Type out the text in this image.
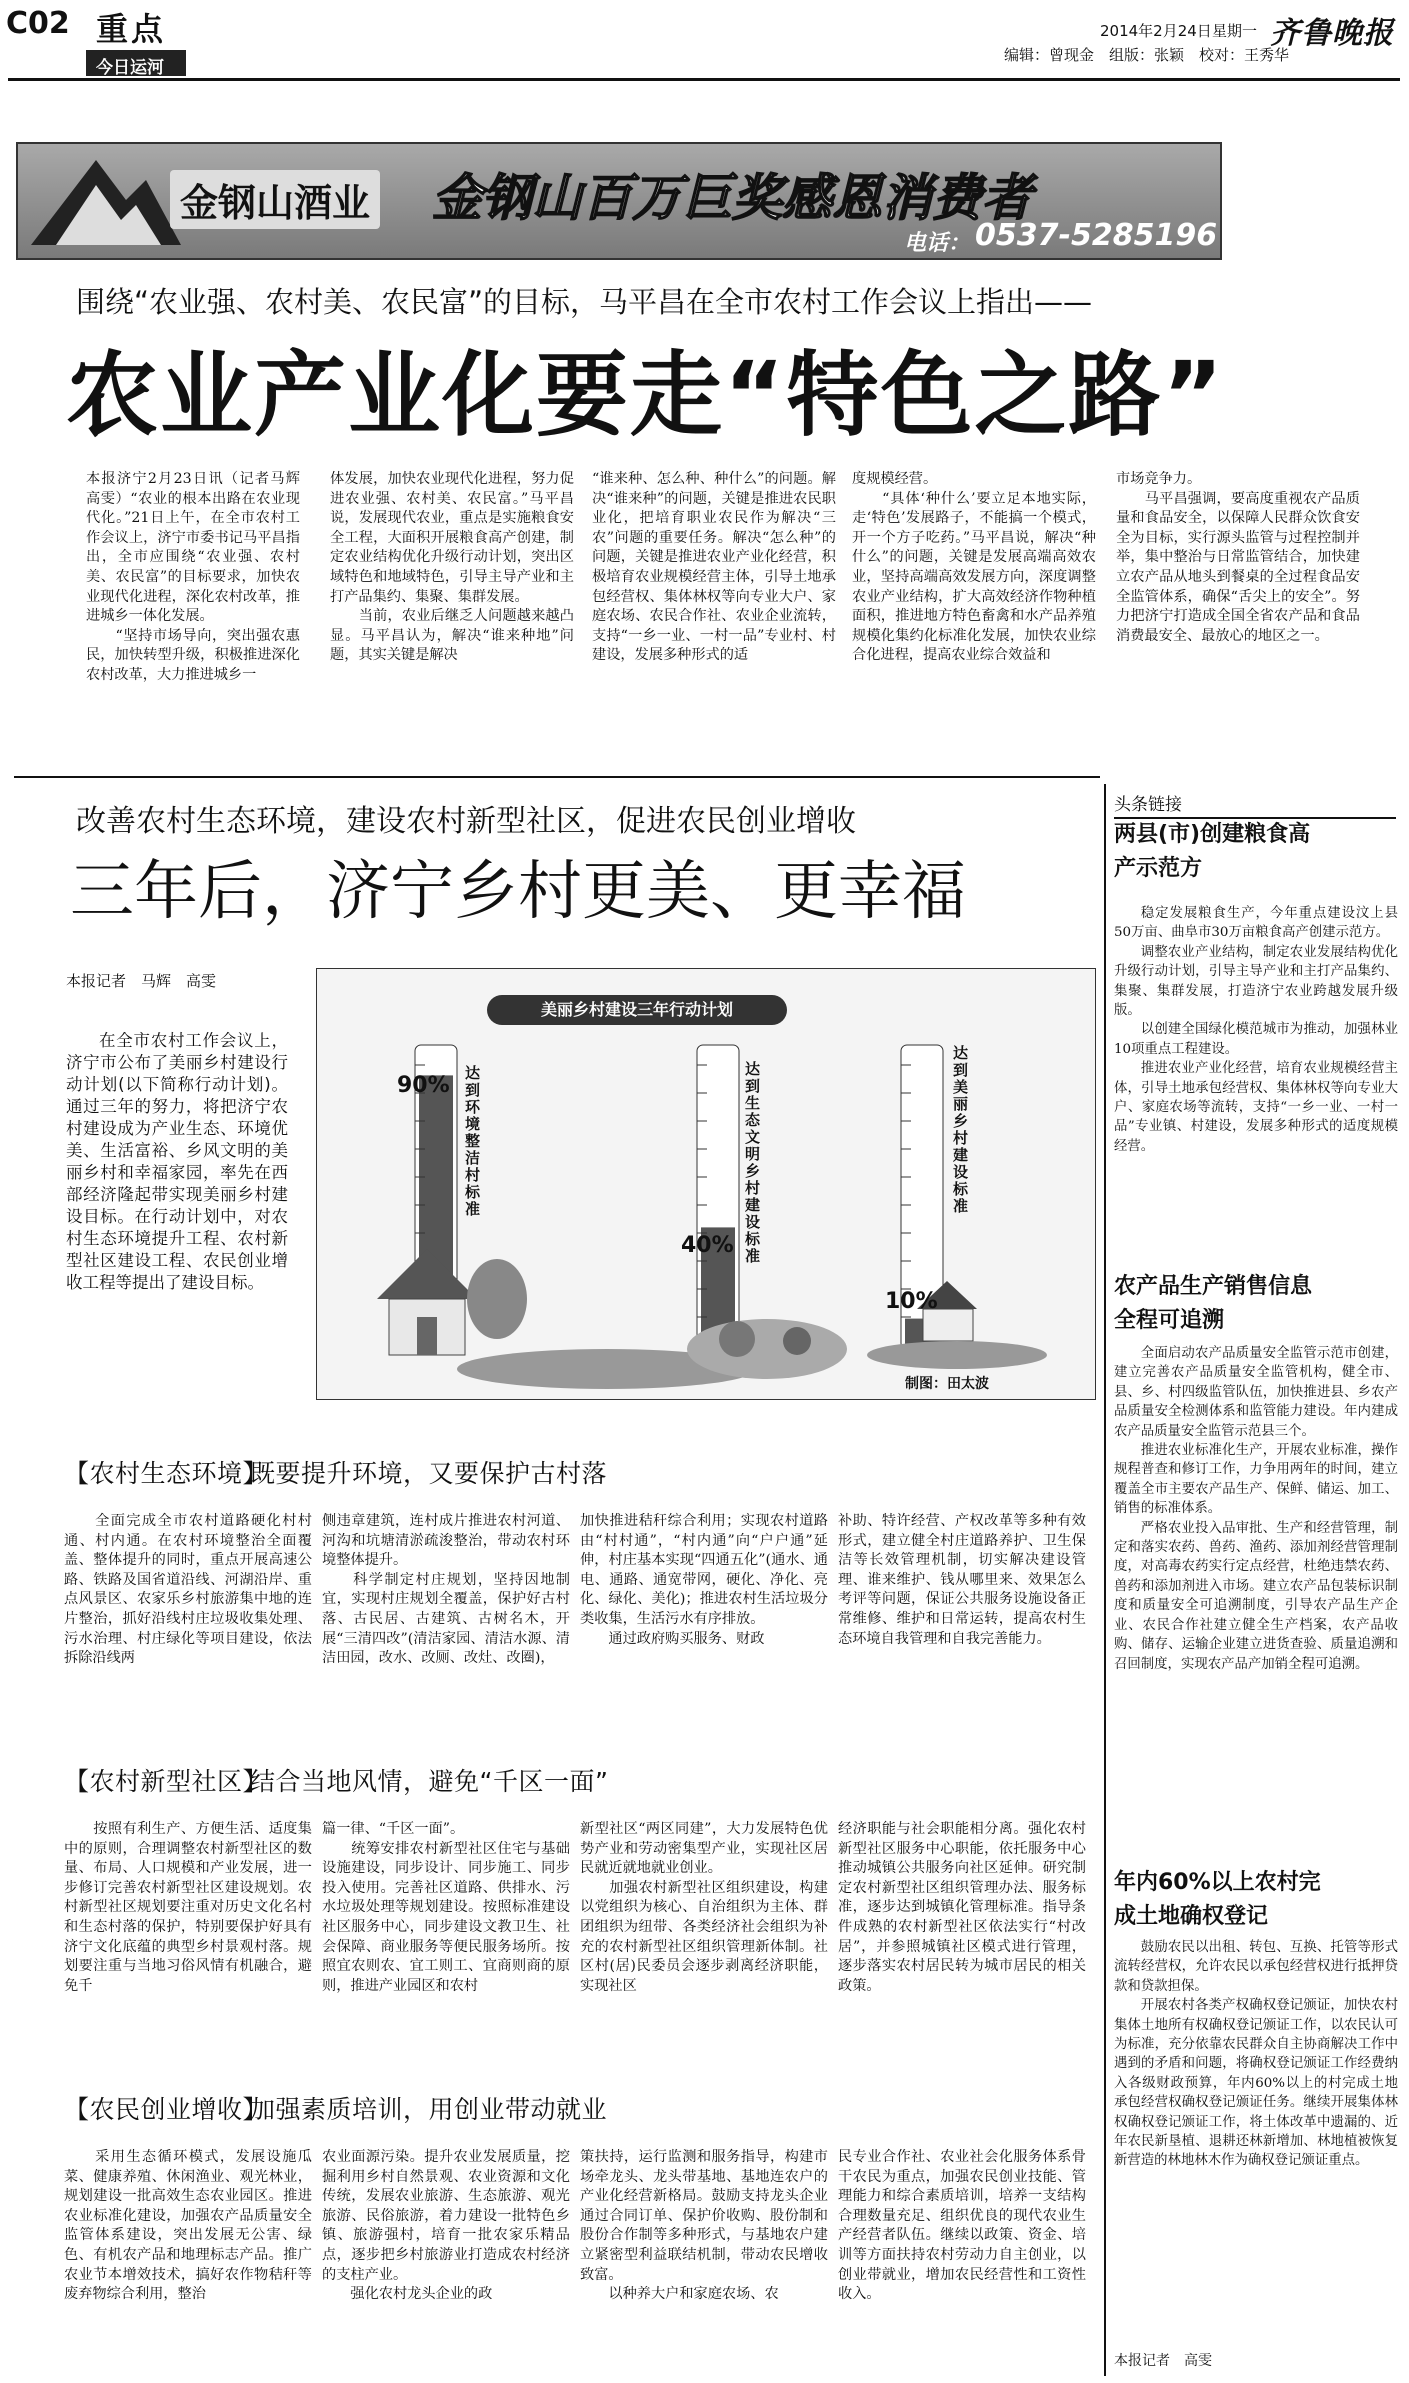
C02 重点
今日运河
2014年2月24日 星期一 齐鲁晚报
编辑：曾现金　组版：张颖　校对：王秀华
金钢山酒业 金钢山百万巨奖感恩消费者
电话： 0537-5285196
围绕“农业强、农村美、农民富”的目标，马平昌在全市农村工作会议上指出——
农业产业化要走“特色之路”
本报济宁2月23日讯（记者马辉　高雯）“农业的根本出路在农业现代化。”21日上午，在全市农村工作会议上，济宁市委书记马平昌指出，全市应围绕“农业强、农村美、农民富”的目标要求，加快农业现代化进程，深化农村改革，推进城乡一体化发展。
　　“坚持市场导向，突出强农惠民，加快转型升级，积极推进深化农村改革，大力推进城乡一
体发展，加快农业现代化进程，努力促进农业强、农村美、农民富。”马平昌说，发展现代农业，重点是实施粮食安全工程，大面积开展粮食高产创建，制定农业结构优化升级行动计划，突出区域特色和地域特色，引导主导产业和主打产品集约、集聚、集群发展。
　　当前，农业后继乏人问题越来越凸显。马平昌认为，解决“谁来种地”问题，其实关键是解决
“谁来种、怎么种、种什么”的问题。解决“谁来种”的问题，关键是推进农民职业化，把培育职业农民作为解决“三农”问题的重要任务。解决“怎么种”的问题，关键是推进农业产业化经营，积极培育农业规模经营主体，引导土地承包经营权、集体林权等向专业大户、家庭农场、农民合作社、农业企业流转，支持“一乡一业、一村一品”专业村、村建设，发展多种形式的适
度规模经营。
　　“具体‘种什么’要立足本地实际，走‘特色’发展路子，不能搞一个模式，开一个方子吃药。”马平昌说，解决“种什么”的问题，关键是发展高端高效农业，坚持高端高效发展方向，深度调整农业产业结构，扩大高效经济作物种植面积，推进地方特色畜禽和水产品养殖规模化集约化标准化发展，加快农业综合化进程，提高农业综合效益和
市场竞争力。
　　马平昌强调，要高度重视农产品质量和食品安全，以保障人民群众饮食安全为目标，实行源头监管与过程控制并举，集中整治与日常监管结合，加快建立农产品从地头到餐桌的全过程食品安全监管体系，确保“舌尖上的安全”。努力把济宁打造成全国全省农产品和食品消费最安全、最放心的地区之一。
改善农村生态环境，建设农村新型社区，促进农民创业增收
三年后，济宁乡村更美、更幸福
本报记者　马辉　高雯
在全市农村工作会议上，济宁市公布了美丽乡村建设行动计划(以下简称行动计划)。通过三年的努力，将把济宁农村建设成为产业生态、环境优美、生活富裕、乡风文明的美丽乡村和幸福家园，率先在西部经济隆起带实现美丽乡村建设目标。在行动计划中，对农村生态环境提升工程、农村新型社区建设工程、农民创业增收工程等提出了建设目标。
美丽乡村建设三年行动计划
90% 达到环境整洁村标准
40%
达到生态文明乡村建设标准
10%
达到美丽乡村建设标准
制图：田太波
【农村生态环境】
既要提升环境，又要保护古村落
　　全面完成全市农村道路硬化村村通、村内通。在农村环境整治全面覆盖、整体提升的同时，重点开展高速公路、铁路及国省道沿线、河湖沿岸、重点风景区、农家乐乡村旅游集中地的连片整治，抓好沿线村庄垃圾收集处理、污水治理、村庄绿化等项目建设，依法拆除沿线两
侧违章建筑，连村成片推进农村河道、河沟和坑塘清淤疏浚整治，带动农村环境整体提升。
　　科学制定村庄规划，坚持因地制宜，实现村庄规划全覆盖，保护好古村落、古民居、古建筑、古树名木，开展“三清四改”(清洁家园、清洁水源、清洁田园，改水、改厕、改灶、改圈)，
加快推进秸秆综合利用；实现农村道路由“村村通”，“村内通”向“户户通”延伸，村庄基本实现“四通五化”(通水、通电、通路、通宽带网，硬化、净化、亮化、绿化、美化)；推进农村生活垃圾分类收集，生活污水有序排放。
　　通过政府购买服务、财政
补助、特许经营、产权改革等多种有效形式，建立健全村庄道路养护、卫生保洁等长效管理机制，切实解决建设管理、谁来维护、钱从哪里来、效果怎么考评等问题，保证公共服务设施设备正常维修、维护和日常运转，提高农村生态环境自我管理和自我完善能力。
【农村新型社区】
结合当地风情，避免“千区一面”
　　按照有利生产、方便生活、适度集中的原则，合理调整农村新型社区的数量、布局、人口规模和产业发展，进一步修订完善农村新型社区建设规划。农村新型社区规划要注重对历史文化名村和生态村落的保护，特别要保护好具有济宁文化底蕴的典型乡村景观村落。规划要注重与当地习俗风情有机融合，避免千
篇一律、“千区一面”。
　　统筹安排农村新型社区住宅与基础设施建设，同步设计、同步施工、同步投入使用。完善社区道路、供排水、污水垃圾处理等规划建设。按照标准建设社区服务中心，同步建设文教卫生、社会保障、商业服务等便民服务场所。按照宜农则农、宜工则工、宜商则商的原则，推进产业园区和农村
新型社区“两区同建”，大力发展特色优势产业和劳动密集型产业，实现社区居民就近就地就业创业。
　　加强农村新型社区组织建设，构建以党组织为核心、自治组织为主体、群团组织为纽带、各类经济社会组织为补充的农村新型社区组织管理新体制。社区村(居)民委员会逐步剥离经济职能，实现社区
经济职能与社会职能相分离。强化农村新型社区服务中心职能，依托服务中心推动城镇公共服务向社区延伸。研究制定农村新型社区组织管理办法、服务标准，逐步达到城镇化管理标准。指导条件成熟的农村新型社区依法实行“村改居”，并参照城镇社区模式进行管理，逐步落实农村居民转为城市居民的相关政策。
【农民创业增收】
加强素质培训，用创业带动就业
　　采用生态循环模式，发展设施瓜菜、健康养殖、休闲渔业、观光林业，规划建设一批高效生态农业园区。推进农业标准化建设，加强农产品质量安全监管体系建设，突出发展无公害、绿色、有机农产品和地理标志产品。推广农业节本增效技术，搞好农作物秸秆等废弃物综合利用，整治
农业面源污染。提升农业发展质量，挖掘利用乡村自然景观、农业资源和文化传统，发展农业旅游、生态旅游、观光旅游、民俗旅游，着力建设一批特色乡镇、旅游强村，培育一批农家乐精品点，逐步把乡村旅游业打造成农村经济的支柱产业。
　　强化农村龙头企业的政
策扶持，运行监测和服务指导，构建市场牵龙头、龙头带基地、基地连农户的产业化经营新格局。鼓励支持龙头企业通过合同订单、保护价收购、股份制和股份合作制等多种形式，与基地农户建立紧密型利益联结机制，带动农民增收致富。
　　以种养大户和家庭农场、农
民专业合作社、农业社会化服务体系骨干农民为重点，加强农民创业技能、管理能力和综合素质培训，培养一支结构合理数量充足、组织优良的现代农业生产经营者队伍。继续以政策、资金、培训等方面扶持农村劳动力自主创业，以创业带就业，增加农民经营性和工资性收入。
头条链接
两县(市)创建粮食高产示范方

稳定发展粮食生产，今年重点建设汶上县50万亩、曲阜市30万亩粮食高产创建示范方。

调整农业产业结构，制定农业发展结构优化升级行动计划，引导主导产业和主打产品集约、集聚、集群发展，打造济宁农业跨越发展升级版。

以创建全国绿化模范城市为推动，加强林业10项重点工程建设。

推进农业产业化经营，培育农业规模经营主体，引导土地承包经营权、集体林权等向专业大户、家庭农场等流转，支持“一乡一业、一村一品”专业镇、村建设，发展多种形式的适度规模经营。

农产品生产销售信息全程可追溯

全面启动农产品质量安全监管示范市创建，建立完善农产品质量安全监管机构，健全市、县、乡、村四级监管队伍，加快推进县、乡农产品质量安全检测体系和监管能力建设。年内建成农产品质量安全监管示范县三个。

推进农业标准化生产，开展农业标准，操作规程普查和修订工作，力争用两年的时间，建立覆盖全市主要农产品生产、保鲜、储运、加工、销售的标准体系。

严格农业投入品审批、生产和经营管理，制定和落实农药、兽药、渔药、添加剂经营管理制度，对高毒农药实行定点经营，杜绝违禁农药、兽药和添加剂进入市场。建立农产品包装标识制度和质量安全可追溯制度，引导农产品生产企业、农民合作社建立健全生产档案，农产品收购、储存、运输企业建立进货查验、质量追溯和召回制度，实现农产品产加销全程可追溯。

年内60%以上农村完成土地确权登记

鼓励农民以出租、转包、互换、托管等形式流转经营权，允许农民以承包经营权进行抵押贷款和贷款担保。

开展农村各类产权确权登记颁证，加快农村集体土地所有权确权登记颁证工作，以农民认可为标准，充分依靠农民群众自主协商解决工作中遇到的矛盾和问题，将确权登记颁证工作经费纳入各级财政预算，年内60%以上的村完成土地承包经营权确权登记颁证任务。继续开展集体林权确权登记颁证工作，将土体改革中遗漏的、近年农民新垦植、退耕还林新增加、林地植被恢复新营造的林地林木作为确权登记颁证重点。

本报记者　高雯
